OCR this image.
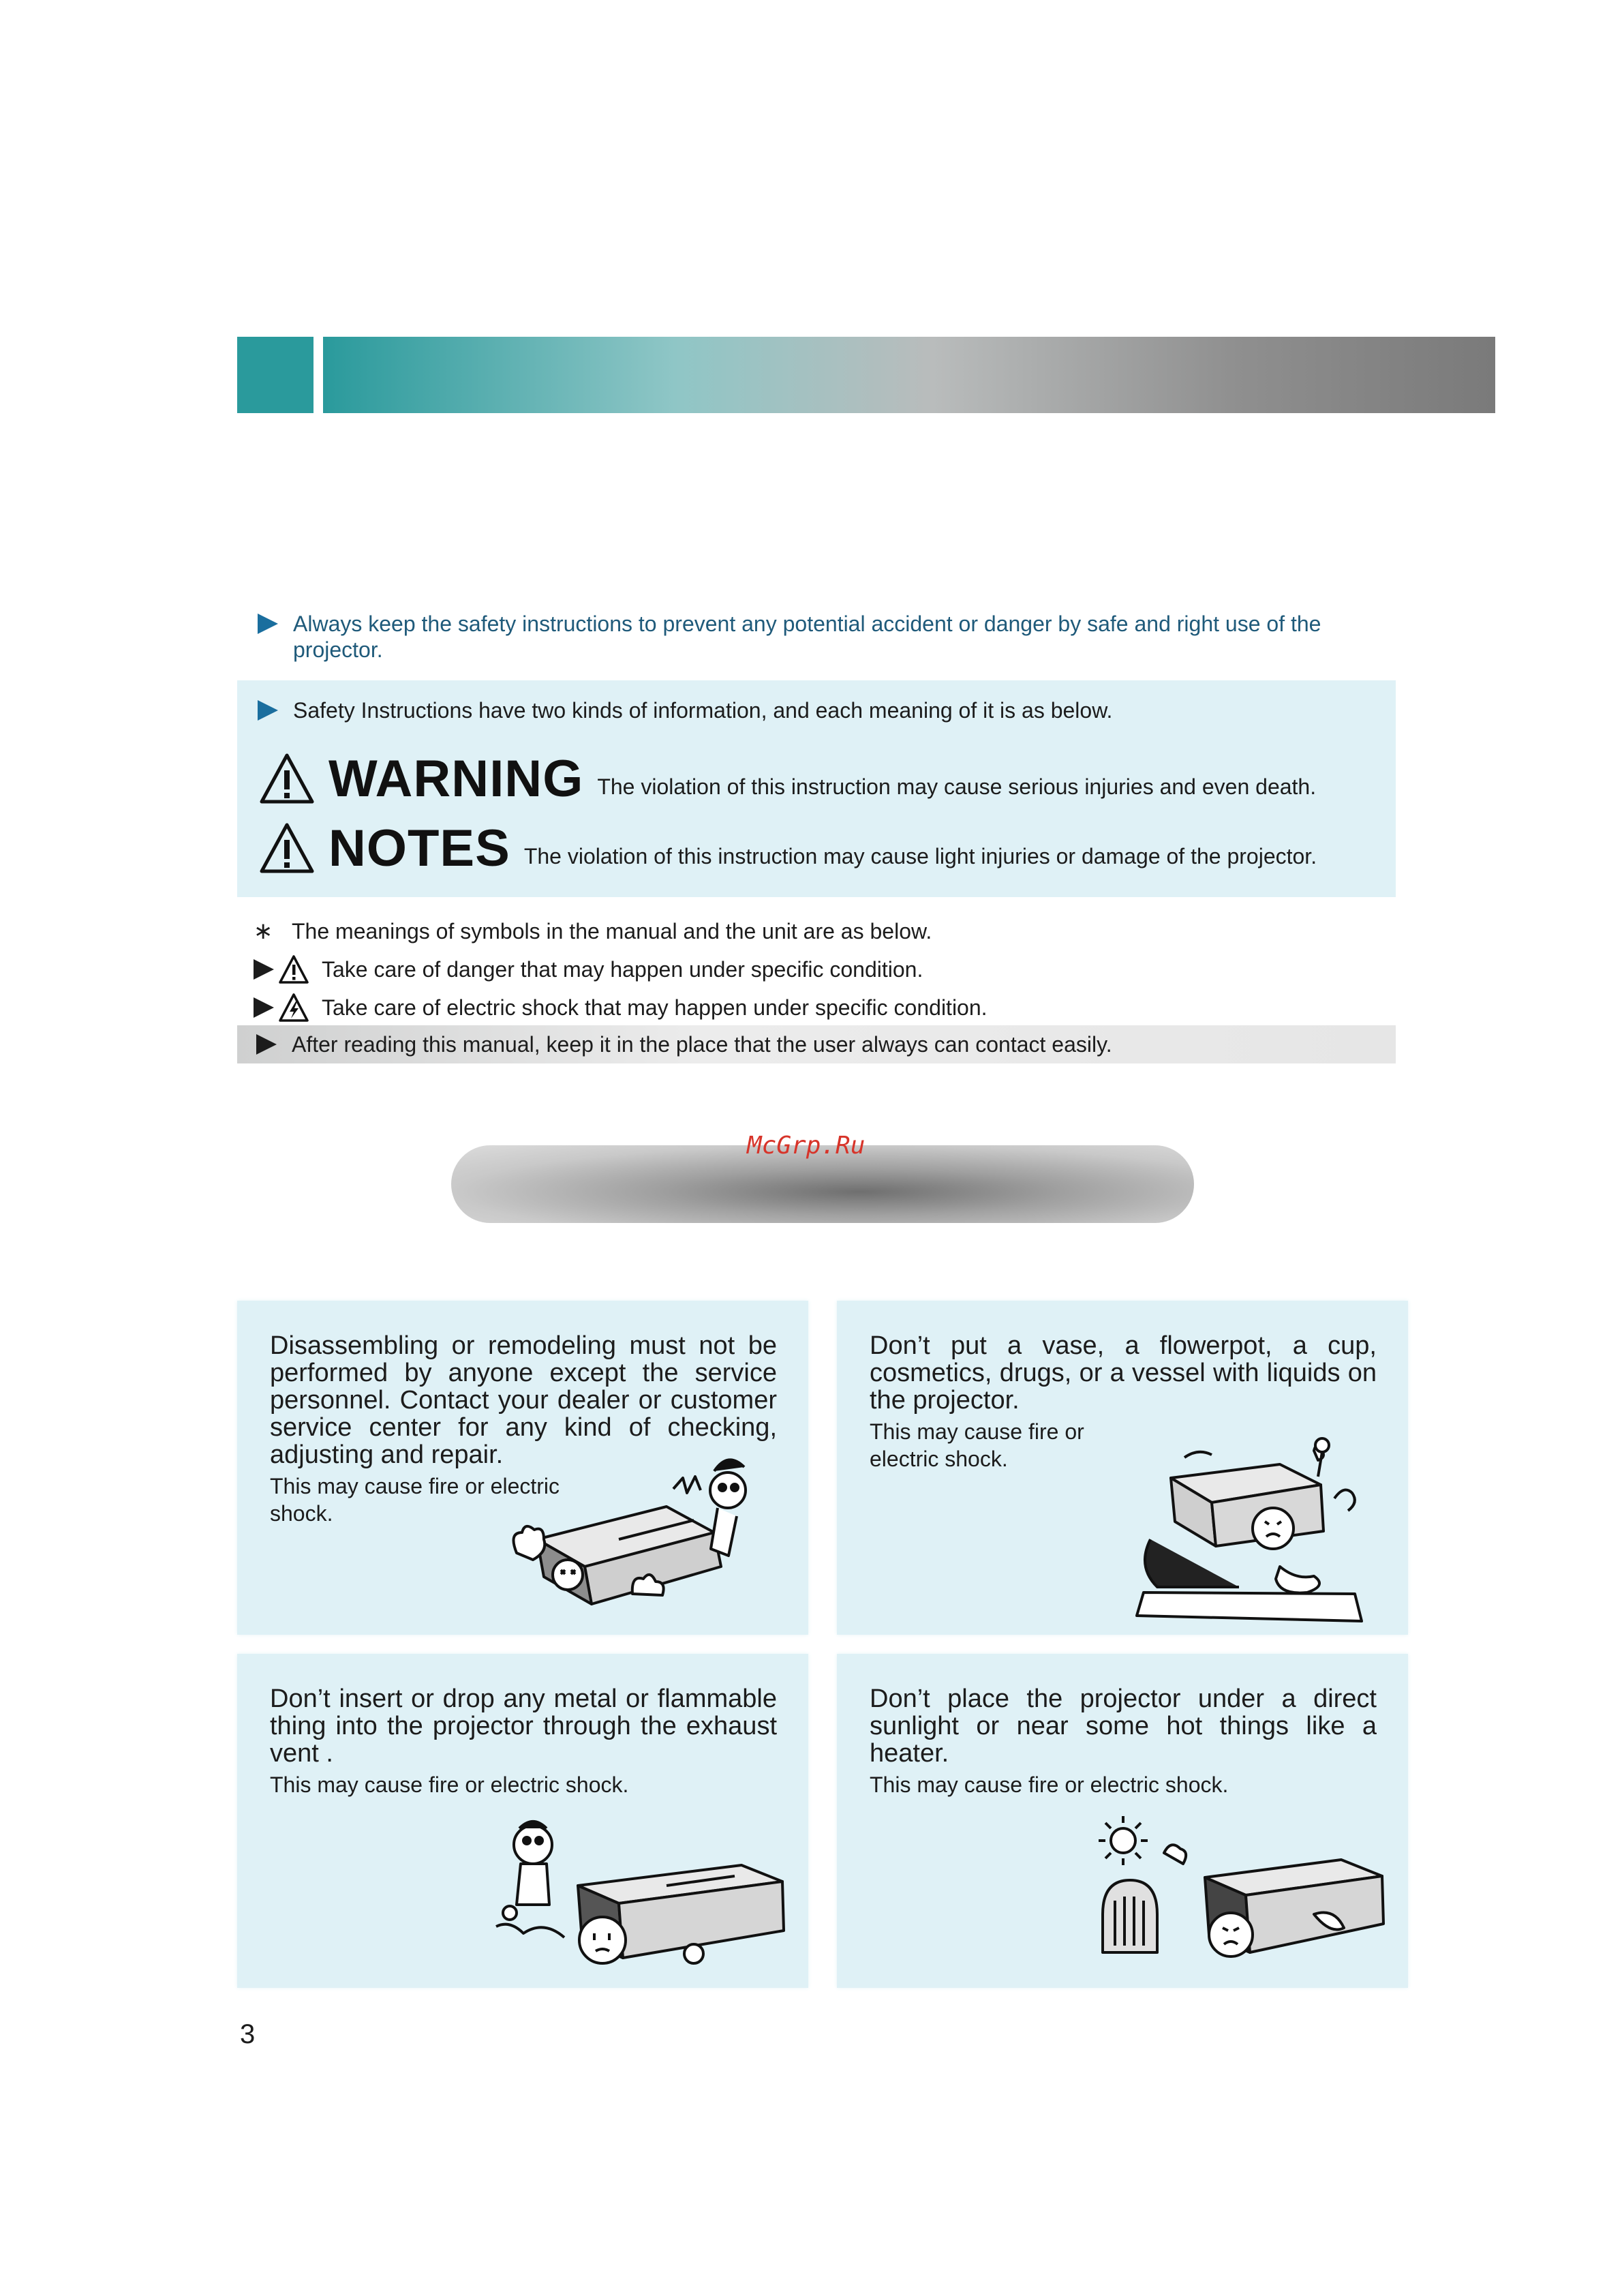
Always keep the safety instructions to prevent any potential accident or danger by safe and right use of the projector.
Safety Instructions have two kinds of information, and each meaning of it is as below.
WARNING The violation of this instruction may cause serious injuries and even death.
NOTES The violation of this instruction may cause light injuries or damage of the projector.
∗ The meanings of symbols in the manual and the unit are as below.
Take care of danger that may happen under specific condition.
Take care of electric shock that may happen under specific condition.
After reading this manual, keep it in the place that the user always can contact easily.
McGrp.Ru
Disassembling or remodeling must not be performed by anyone except the service personnel. Contact your dealer or customer service center for any kind of checking, adjusting and repair.
This may cause fire or electric shock.
Don’t put a vase, a flowerpot, a cup, cosmetics, drugs, or a vessel with liquids on the projector.
This may cause fire or electric shock.
Don’t insert or drop any metal or flammable thing into the projector through the exhaust vent .
This may cause fire or electric shock.
Don’t place the projector under a direct sunlight or near some hot things like a heater.
This may cause fire or electric shock.
3
